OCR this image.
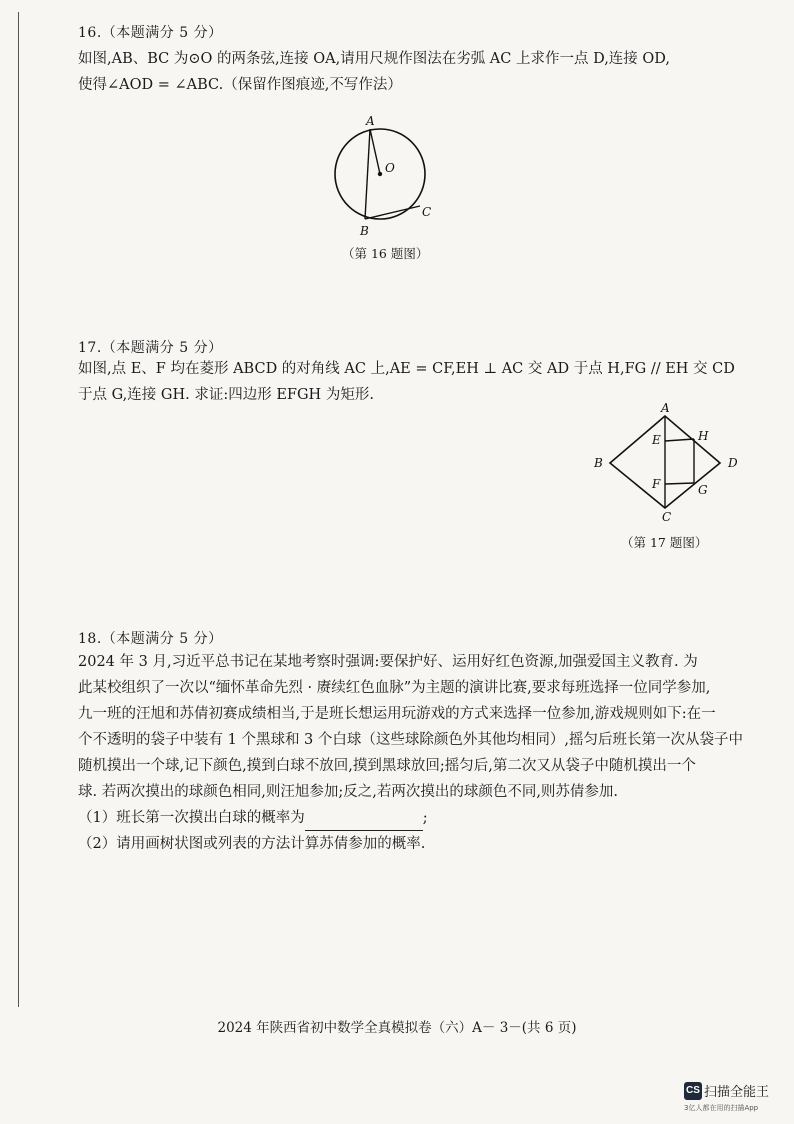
16.（本题满分 5 分）

如图,AB、BC 为⊙O 的两条弦,连接 OA,请用尺规作图法在劣弧 AC 上求作一点 D,连接 OD,

使得∠AOD = ∠ABC.（保留作图痕迹,不写作法）

A
O
B
C
（第 16 题图）
17.（本题满分 5 分）

如图,点 E、F 均在菱形 ABCD 的对角线 AC 上,AE = CF,EH ⊥ AC 交 AD 于点 H,FG // EH 交 CD

于点 G,连接 GH. 求证:四边形 EFGH 为矩形.

A
B
C
D
E
F	G
H
（第 17 题图）
18.（本题满分 5 分）

2024 年 3 月,习近平总书记在某地考察时强调:要保护好、运用好红色资源,加强爱国主义教育. 为

此某校组织了一次以“缅怀革命先烈 · 赓续红色血脉”为主题的演讲比赛,要求每班选择一位同学参加,

九一班的汪旭和苏倩初赛成绩相当,于是班长想运用玩游戏的方式来选择一位参加,游戏规则如下:在一

个不透明的袋子中装有 1 个黑球和 3 个白球（这些球除颜色外其他均相同）,摇匀后班长第一次从袋子中

随机摸出一个球,记下颜色,摸到白球不放回,摸到黑球放回;摇匀后,第二次又从袋子中随机摸出一个

球. 若两次摸出的球颜色相同,则汪旭参加;反之,若两次摸出的球颜色不同,则苏倩参加.

（1）班长第一次摸出白球的概率为	;

（2）请用画树状图或列表的方法计算苏倩参加的概率.

2024 年陕西省初中数学全真模拟卷（六）A－ 3－(共 6 页)
CS 扫描全能王
3亿人都在用的扫描App
